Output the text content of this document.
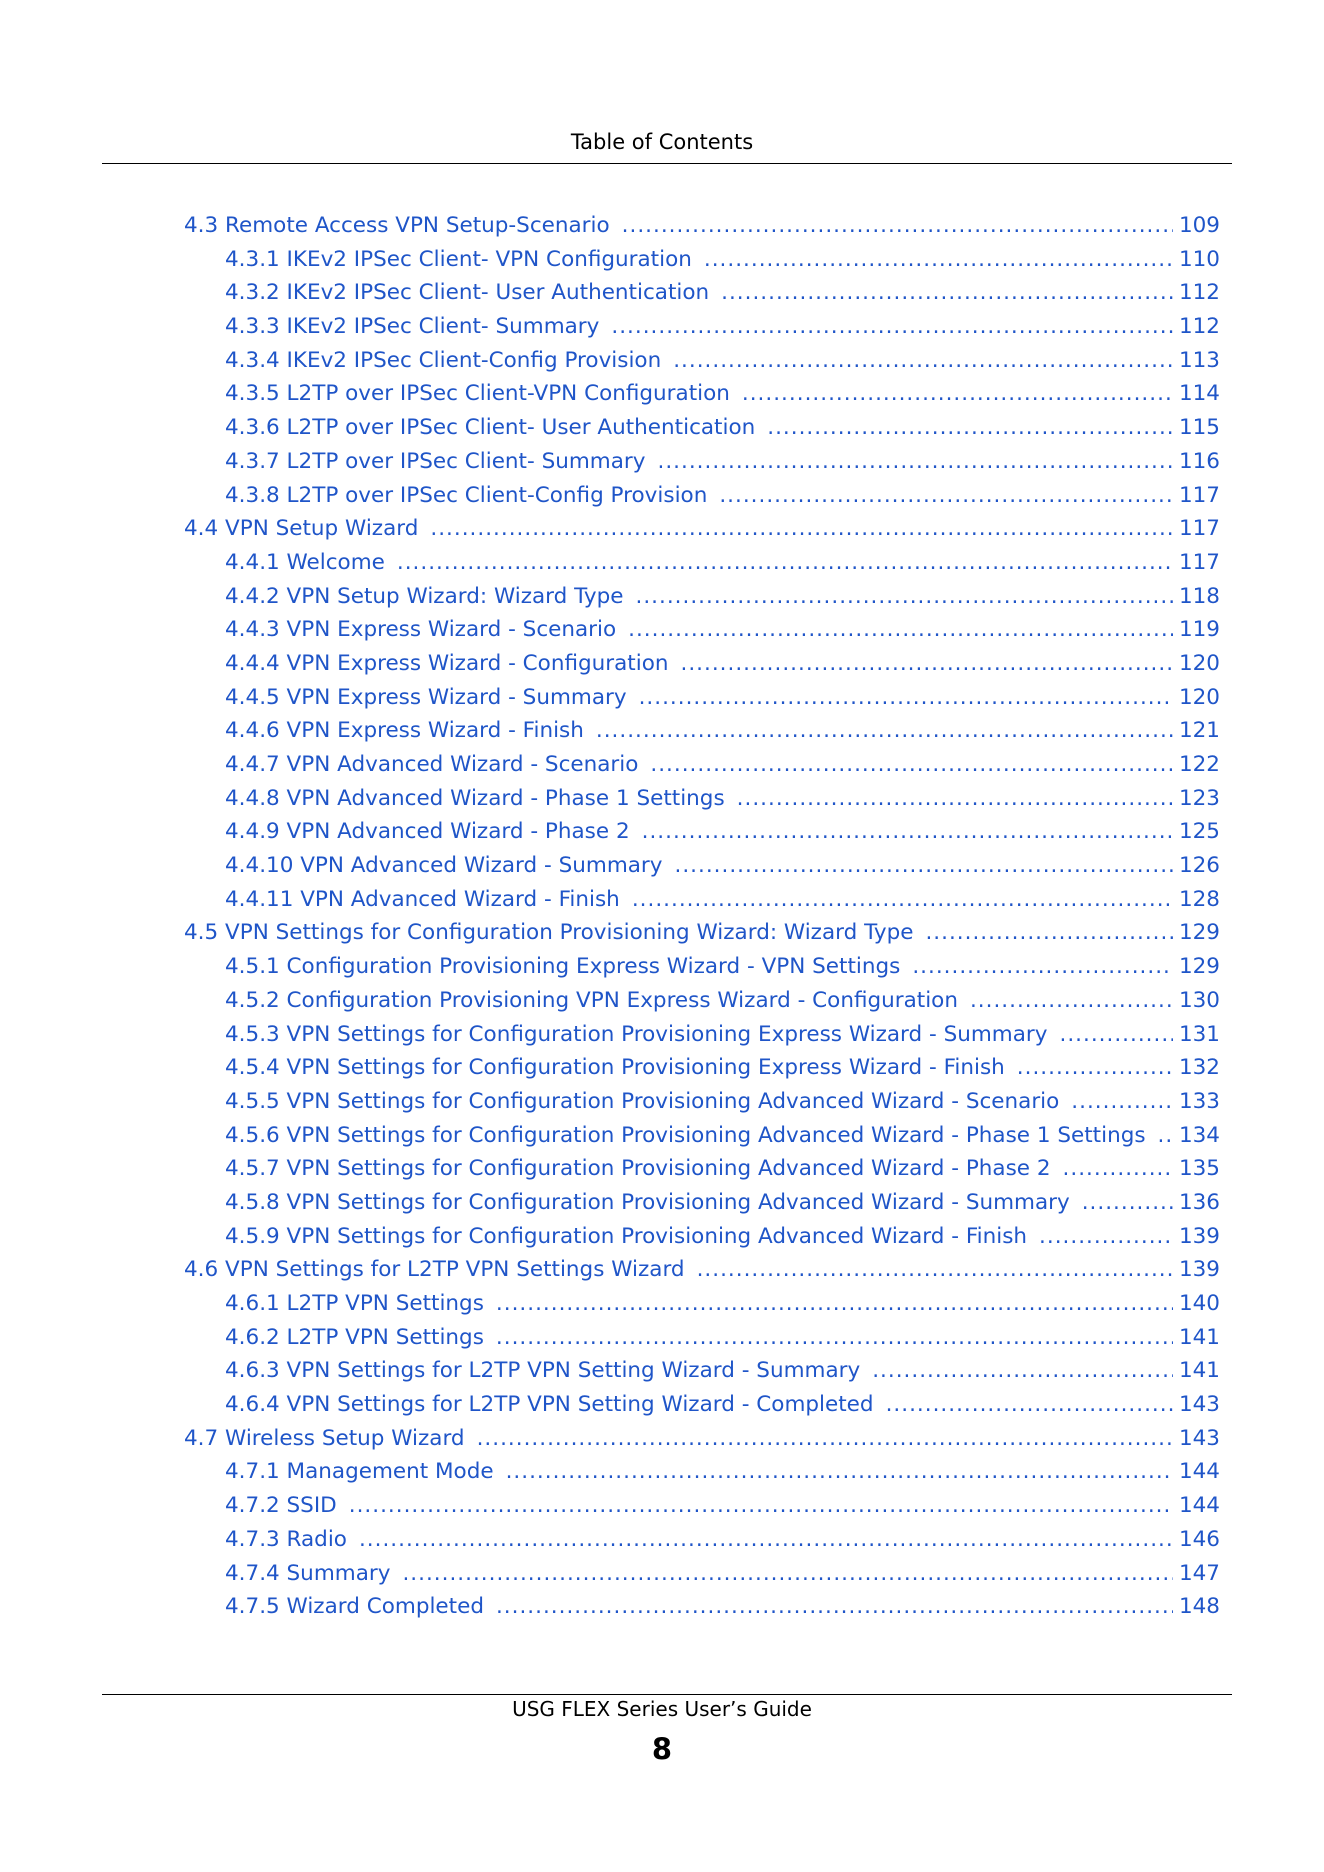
Table of Contents
4.3 Remote Access VPN Setup-Scenario .....	109
4.3.1 IKEv2 IPSec Client- VPN Configuration .....	110
4.3.2 IKEv2 IPSec Client- User Authentication .....	112
4.3.3 IKEv2 IPSec Client- Summary .....	112
4.3.4 IKEv2 IPSec Client-Config Provision .....	113
4.3.5 L2TP over IPSec Client-VPN Configuration .....	114
4.3.6 L2TP over IPSec Client- User Authentication .....	115
4.3.7 L2TP over IPSec Client- Summary .....	116
4.3.8 L2TP over IPSec Client-Config Provision .....	117
4.4 VPN Setup Wizard .....	117
4.4.1 Welcome .....	117
4.4.2 VPN Setup Wizard: Wizard Type .....	118
4.4.3 VPN Express Wizard - Scenario .....	119
4.4.4 VPN Express Wizard - Configuration .....	120
4.4.5 VPN Express Wizard - Summary .....	120
4.4.6 VPN Express Wizard - Finish .....	121
4.4.7 VPN Advanced Wizard - Scenario .....	122
4.4.8 VPN Advanced Wizard - Phase 1 Settings .....	123
4.4.9 VPN Advanced Wizard - Phase 2 .....	125
4.4.10 VPN Advanced Wizard - Summary .....	126
4.4.11 VPN Advanced Wizard - Finish .....	128
4.5 VPN Settings for Configuration Provisioning Wizard: Wizard Type .....	129
4.5.1 Configuration Provisioning Express Wizard - VPN Settings .....	129
4.5.2 Configuration Provisioning VPN Express Wizard - Configuration .....	130
4.5.3 VPN Settings for Configuration Provisioning Express Wizard - Summary .....	131
4.5.4 VPN Settings for Configuration Provisioning Express Wizard - Finish .....	132
4.5.5 VPN Settings for Configuration Provisioning Advanced Wizard - Scenario .....	133
4.5.6 VPN Settings for Configuration Provisioning Advanced Wizard - Phase 1 Settings ..... 134
4.5.7 VPN Settings for Configuration Provisioning Advanced Wizard - Phase 2 .....	135
4.5.8 VPN Settings for Configuration Provisioning Advanced Wizard - Summary .....	136
4.5.9 VPN Settings for Configuration Provisioning Advanced Wizard - Finish .....	139
4.6 VPN Settings for L2TP VPN Settings Wizard .....	139
4.6.1 L2TP VPN Settings .....	140
4.6.2 L2TP VPN Settings .....	141
4.6.3 VPN Settings for L2TP VPN Setting Wizard - Summary .....	141
4.6.4 VPN Settings for L2TP VPN Setting Wizard - Completed .....	143
4.7 Wireless Setup Wizard .....	143
4.7.1 Management Mode .....	144
4.7.2 SSID .....	144
4.7.3 Radio .....	146
4.7.4 Summary .....	147
4.7.5 Wizard Completed .....	148
USG FLEX Series User’s Guide
8
